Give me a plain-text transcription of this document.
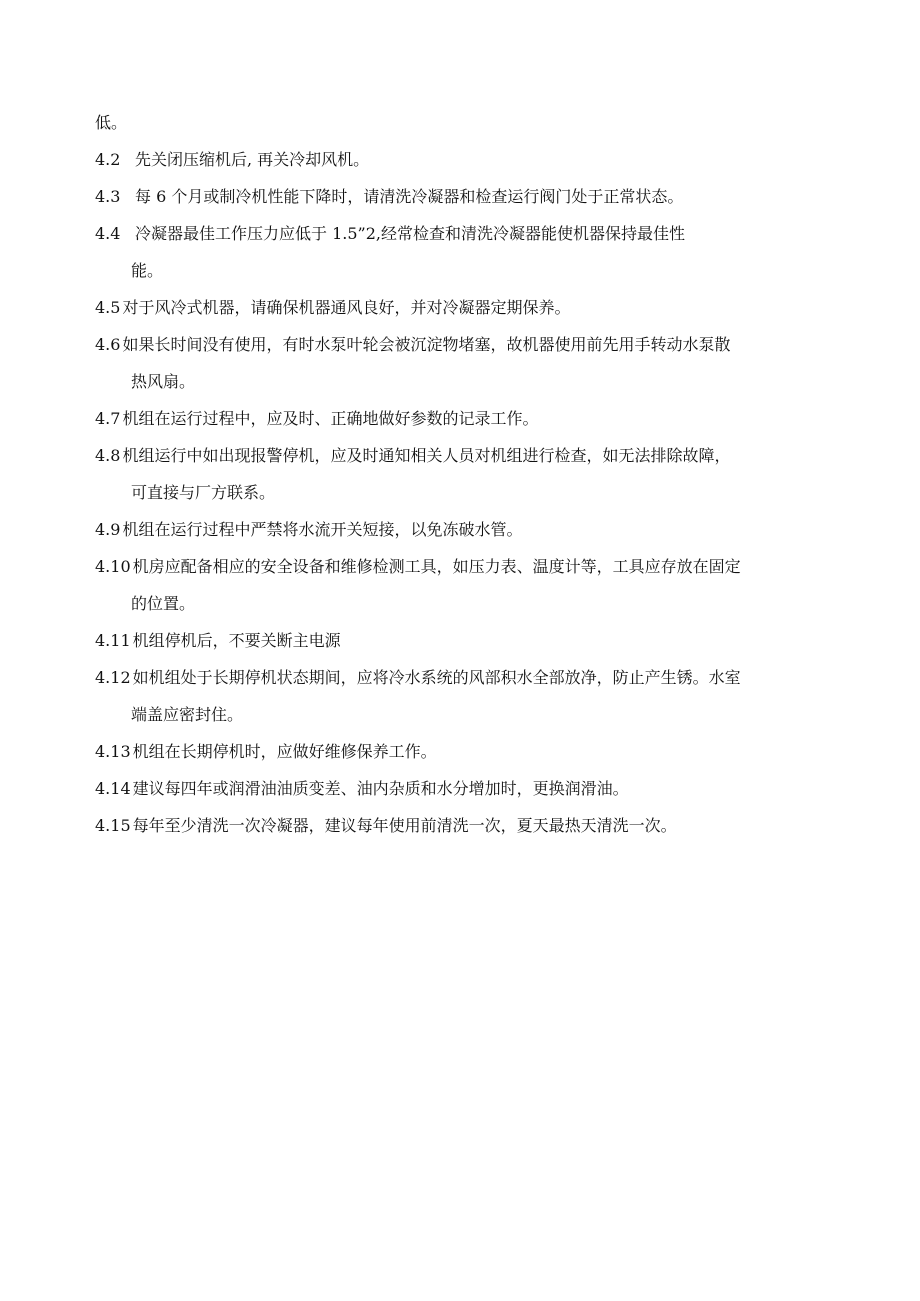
低。
4.2 先关闭压缩机后, 再关冷却风机。
4.3 每 6 个月或制冷机性能下降时，请清洗冷凝器和检查运行阀门处于正常状态。
4.4 冷凝器最佳工作压力应低于 1.5”2,经常检查和清洗冷凝器能使机器保持最佳性
能。
4.5 对于风冷式机器，请确保机器通风良好，并对冷凝器定期保养。
4.6 如果长时间没有使用，有时水泵叶轮会被沉淀物堵塞，故机器使用前先用手转动水泵散
热风扇。
4.7 机组在运行过程中，应及时、正确地做好参数的记录工作。
4.8 机组运行中如出现报警停机，应及时通知相关人员对机组进行检查，如无法排除故障，
可直接与厂方联系。
4.9 机组在运行过程中严禁将水流开关短接，以免冻破水管。
4.10 机房应配备相应的安全设备和维修检测工具，如压力表、温度计等，工具应存放在固定
的位置。
4.11 机组停机后，不要关断主电源
4.12 如机组处于长期停机状态期间，应将冷水系统的风部积水全部放净，防止产生锈。水室
端盖应密封住。
4.13 机组在长期停机时，应做好维修保养工作。
4.14 建议每四年或润滑油油质变差、油内杂质和水分增加时，更换润滑油。
4.15 每年至少清洗一次冷凝器，建议每年使用前清洗一次，夏天最热天清洗一次。
